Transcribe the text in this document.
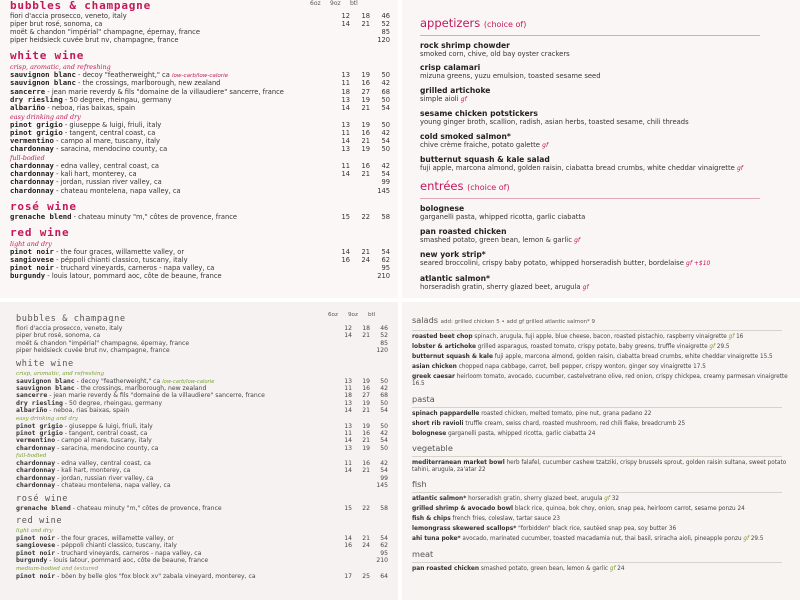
6oz 9oz btl
bubbles & champagne
fiori d'accia prosecco, veneto, italy	12	18	46
piper brut rosé, sonoma, ca	14	21	52
moët & chandon "impérial" champagne, épernay, france	85
piper heidsieck cuvée brut nv, champagne, france	120
white wine
crisp, aromatic, and refreshing
sauvignon blanc - decoy "featherweight," ca low-carb/low-calorie	13	19	50
sauvignon blanc - the crossings, marlborough, new zealand	11	16	42
sancerre - jean marie reverdy & fils "domaine de la villaudiere" sancerre, france	18	27	68
dry riesling - 50 degree, rheingau, germany	13	19	50
albariño - neboa, rias baixas, spain	14	21	54
easy drinking and dry
pinot grigio - giuseppe & luigi, friuli, italy	13	19	50
pinot grigio - tangent, central coast, ca	11	16	42
vermentino - campo al mare, tuscany, italy	14	21	54
chardonnay - saracina, mendocino county, ca	13	19	50
full-bodied
chardonnay - edna valley, central coast, ca	11	16	42
chardonnay - kali hart, monterey, ca	14	21	54
chardonnay - jordan, russian river valley, ca	99
chardonnay - chateau montelena, napa valley, ca	145
rosé wine
grenache blend - chateau minuty "m," côtes de provence, france	15	22	58
red wine
light and dry
pinot noir - the four graces, willamette valley, or	14	21	54
sangiovese - péppoli chianti classico, tuscany, italy	16	24	62
pinot noir - truchard vineyards, carneros - napa valley, ca	95
burgundy - louis latour, pommard aoc, côte de beaune, france	210
appetizers (choice of)
rock shrimp chowder
smoked corn, chive, old bay oyster crackers
crisp calamari
mizuna greens, yuzu emulsion, toasted sesame seed
grilled artichoke
simple aioli gf
sesame chicken potstickers
young ginger broth, scallion, radish, asian herbs, toasted sesame, chili threads
cold smoked salmon*
chive crème fraiche, potato galette gf
butternut squash & kale salad
fuji apple, marcona almond, golden raisin, ciabatta bread crumbs, white cheddar vinaigrette gf
entrées (choice of)
bolognese
garganelli pasta, whipped ricotta, garlic ciabatta
pan roasted chicken
smashed potato, green bean, lemon & garlic gf
new york strip*
seared broccolini, crispy baby potato, whipped horseradish butter, bordelaise gf +$10
atlantic salmon*
horseradish gratin, sherry glazed beet, arugula gf
6oz 9oz btl
bubbles & champagne
fiori d'accia prosecco, veneto, italy	12	18	46
piper brut rosé, sonoma, ca	14	21	52
moët & chandon "impérial" champagne, épernay, france	85
piper heidsieck cuvée brut nv, champagne, france	120
white wine
crisp, aromatic, and refreshing
sauvignon blanc - decoy "featherweight," ca low-carb/low-calorie	13	19	50
sauvignon blanc - the crossings, marlborough, new zealand	11	16	42
sancerre - jean marie reverdy & fils "domaine de la villaudiere" sancerre, france	18	27	68
dry riesling - 50 degree, rheingau, germany	13	19	50
albariño - neboa, rias baixas, spain	14	21	54
easy drinking and dry
pinot grigio - giuseppe & luigi, friuli, italy	13	19	50
pinot grigio - tangent, central coast, ca	11	16	42
vermentino - campo al mare, tuscany, italy	14	21	54
chardonnay - saracina, mendocino county, ca	13	19	50
full-bodied
chardonnay - edna valley, central coast, ca	11	16	42
chardonnay - kali hart, monterey, ca	14	21	54
chardonnay - jordan, russian river valley, ca	99
chardonnay - chateau montelena, napa valley, ca	145
rosé wine
grenache blend - chateau minuty "m," côtes de provence, france	15	22	58
red wine
light and dry
pinot noir - the four graces, willamette valley, or	14	21	54
sangiovese - péppoli chianti classico, tuscany, italy	16	24	62
pinot noir - truchard vineyards, carneros - napa valley, ca	95
burgundy - louis latour, pommard aoc, côte de beaune, france	210
medium-bodied and textured
pinot noir - böen by belle glos "fox block xv" zabala vineyard, monterey, ca	17	25	64
salads add: grilled chicken 5 • add gf grilled atlantic salmon* 9
roasted beet chop spinach, arugula, fuji apple, blue cheese, bacon, roasted pistachio, raspberry vinaigrette gf 16
lobster & artichoke grilled asparagus, roasted tomato, crispy potato, baby greens, truffle vinaigrette gf 29.5
butternut squash & kale fuji apple, marcona almond, golden raisin, ciabatta bread crumbs, white cheddar vinaigrette 15.5
asian chicken chopped napa cabbage, carrot, bell pepper, crispy wonton, ginger soy vinaigrette 17.5
greek caesar heirloom tomato, avocado, cucumber, castelvetrano olive, red onion, crispy chickpea, creamy parmesan vinaigrette 16.5
pasta
spinach pappardelle roasted chicken, melted tomato, pine nut, grana padano 22
short rib ravioli truffle cream, swiss chard, roasted mushroom, red chili flake, breadcrumb 25
bolognese garganelli pasta, whipped ricotta, garlic ciabatta 24
vegetable
mediterranean market bowl herb falafel, cucumber cashew tzatziki, crispy brussels sprout, golden raisin sultana, sweet potato tahini, arugula, za'atar 22
fish
atlantic salmon* horseradish gratin, sherry glazed beet, arugula gf 32
grilled shrimp & avocado bowl black rice, quinoa, bok choy, onion, snap pea, heirloom carrot, sesame ponzu 24
fish & chips french fries, coleslaw, tartar sauce 23
lemongrass skewered scallops* "forbidden" black rice, sautéed snap pea, soy butter 36
ahi tuna poke* avocado, marinated cucumber, toasted macadamia nut, thai basil, sriracha aioli, pineapple ponzu gf 29.5
meat
pan roasted chicken smashed potato, green bean, lemon & garlic gf 24
